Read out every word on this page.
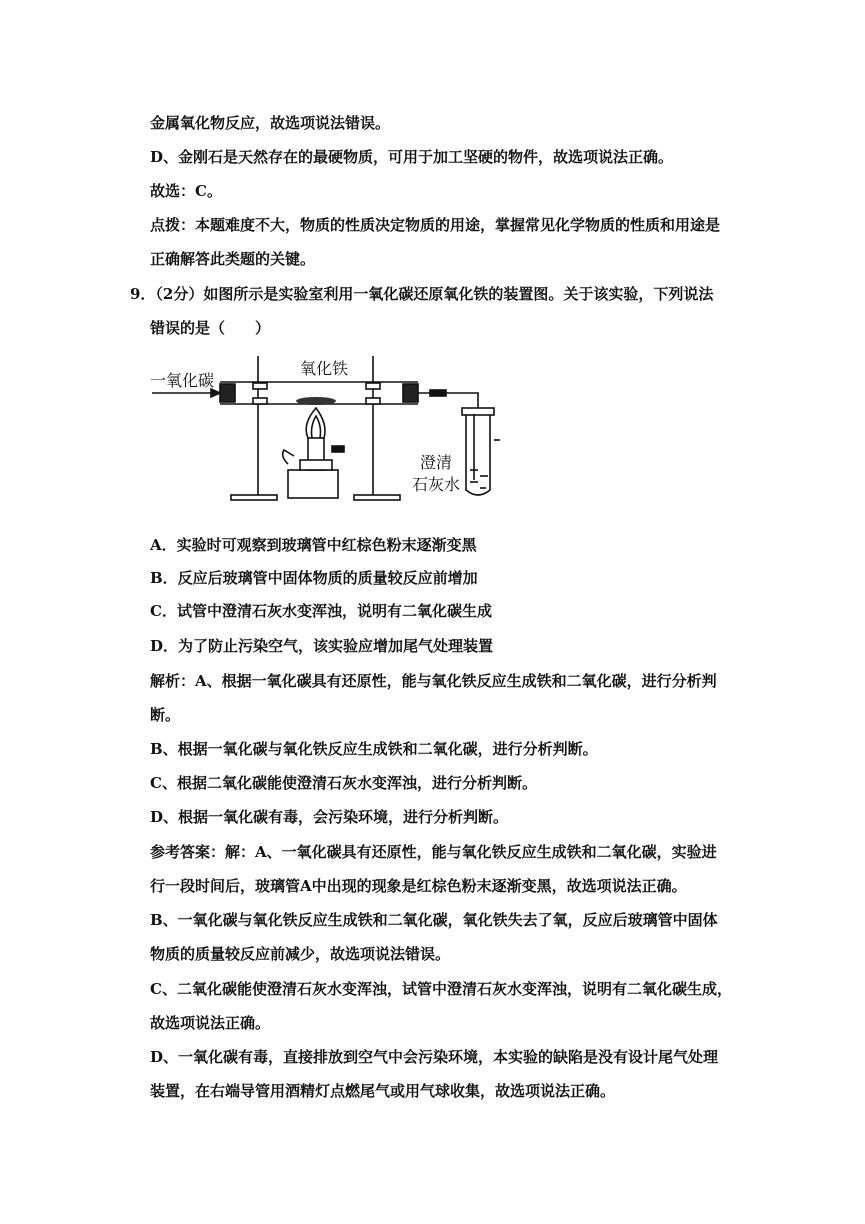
金属氧化物反应，故选项说法错误。
D、金刚石是天然存在的最硬物质，可用于加工坚硬的物件，故选项说法正确。
故选：C。
点拨：本题难度不大，物质的性质决定物质的用途，掌握常见化学物质的性质和用途是
正确解答此类题的关键。
9．（2分）如图所示是实验室利用一氧化碳还原氧化铁的装置图。关于该实验，下列说法
错误的是（　　）
一氧化碳
氧化铁
澄清
石灰水
A．实验时可观察到玻璃管中红棕色粉末逐渐变黑
B．反应后玻璃管中固体物质的质量较反应前增加
C．试管中澄清石灰水变浑浊，说明有二氧化碳生成
D．为了防止污染空气，该实验应增加尾气处理装置
解析：A、根据一氧化碳具有还原性，能与氧化铁反应生成铁和二氧化碳，进行分析判
断。
B、根据一氧化碳与氧化铁反应生成铁和二氧化碳，进行分析判断。
C、根据二氧化碳能使澄清石灰水变浑浊，进行分析判断。
D、根据一氧化碳有毒，会污染环境，进行分析判断。
参考答案：解：A、一氧化碳具有还原性，能与氧化铁反应生成铁和二氧化碳，实验进
行一段时间后，玻璃管A中出现的现象是红棕色粉末逐渐变黑，故选项说法正确。
B、一氧化碳与氧化铁反应生成铁和二氧化碳，氧化铁失去了氧，反应后玻璃管中固体
物质的质量较反应前减少，故选项说法错误。
C、二氧化碳能使澄清石灰水变浑浊，试管中澄清石灰水变浑浊，说明有二氧化碳生成，
故选项说法正确。
D、一氧化碳有毒，直接排放到空气中会污染环境，本实验的缺陷是没有设计尾气处理
装置，在右端导管用酒精灯点燃尾气或用气球收集，故选项说法正确。
